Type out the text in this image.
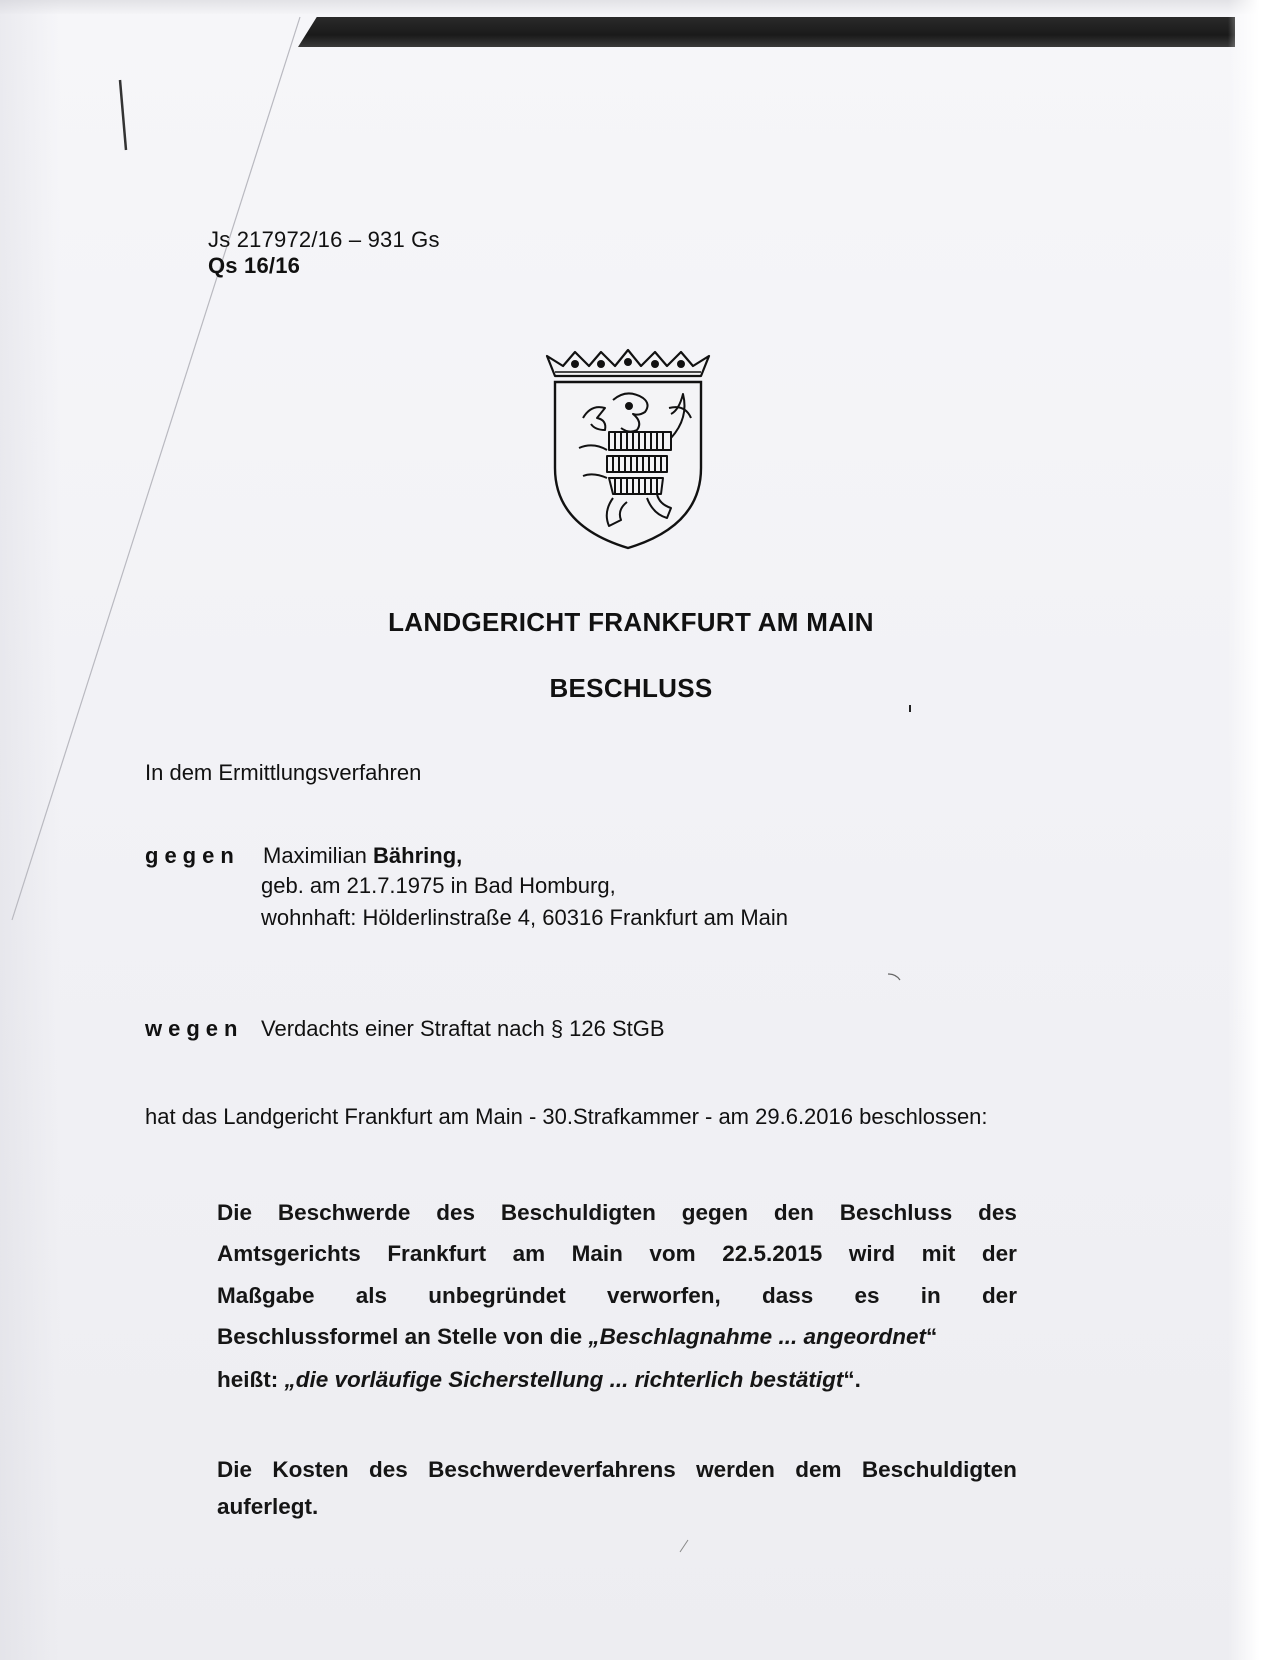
Js 217972/16 – 931 Gs
Qs 16/16
LANDGERICHT FRANKFURT AM MAIN
BESCHLUSS
In dem Ermittlungsverfahren
gegen Maximilian Bähring,
geb. am 21.7.1975 in Bad Homburg,
wohnhaft: Hölderlinstraße 4, 60316 Frankfurt am Main
wegen Verdachts einer Straftat nach § 126 StGB
hat das Landgericht Frankfurt am Main - 30.Strafkammer - am 29.6.2016 beschlossen:
Die Beschwerde des Beschuldigten gegen den Beschluss des
Amtsgerichts Frankfurt am Main vom 22.5.2015 wird mit der
Maßgabe als unbegründet verworfen, dass es in der
Beschlussformel an Stelle von die „Beschlagnahme ... angeordnet“
heißt: „die vorläufige Sicherstellung ... richterlich bestätigt“.
Die Kosten des Beschwerdeverfahrens werden dem Beschuldigten
auferlegt.
